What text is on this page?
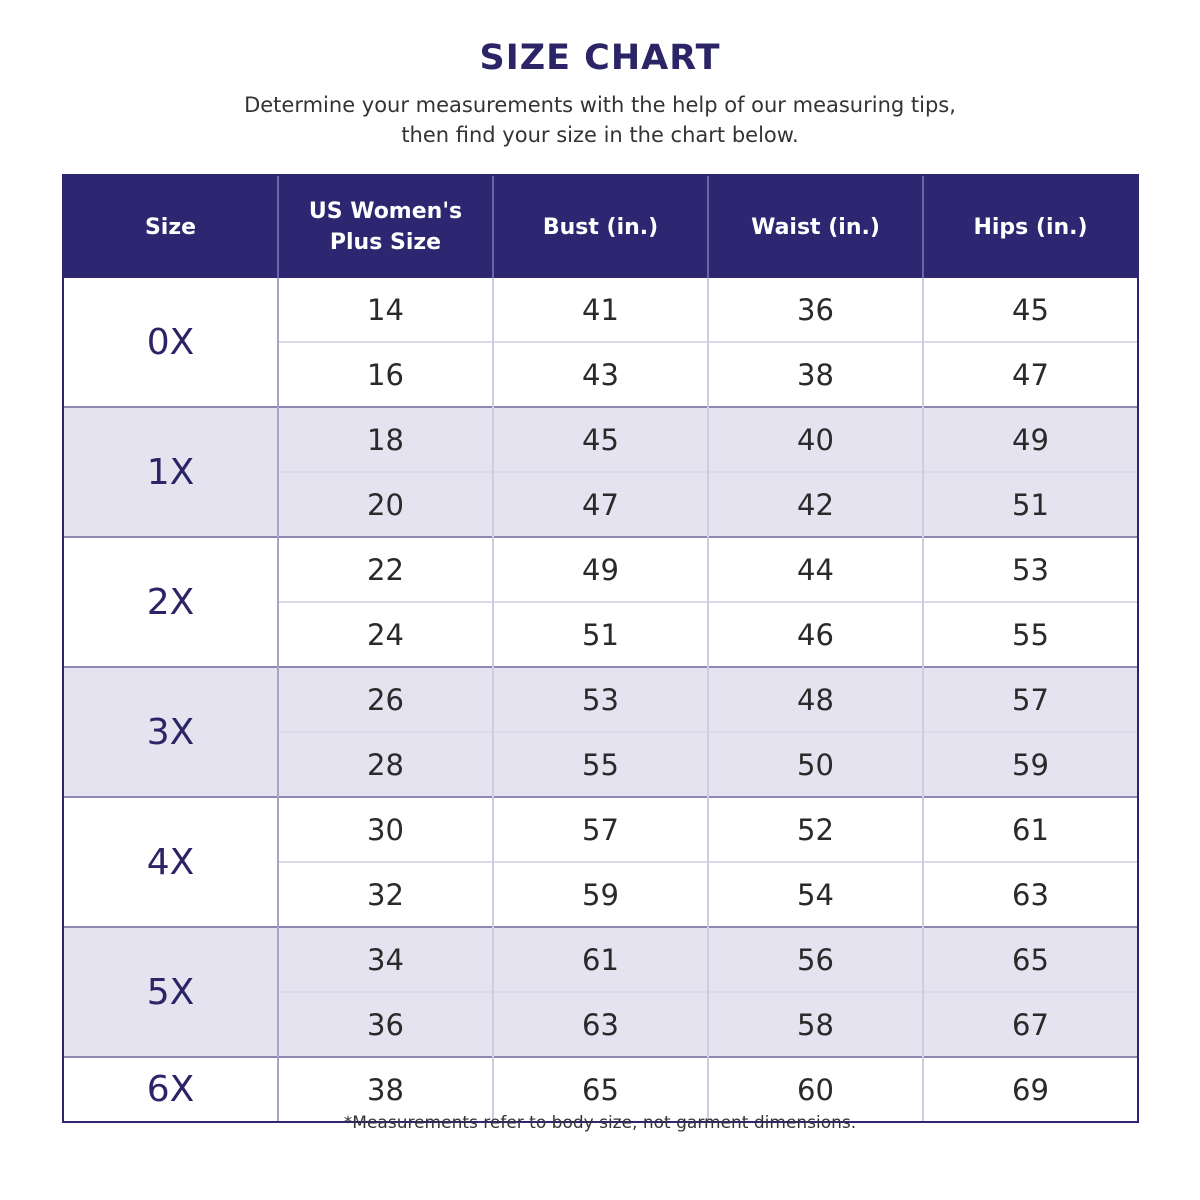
SIZE CHART

Determine your measurements with the help of our measuring tips,
then find your size in the chart below.

Size	US Women's Plus Size	Bust (in.)	Waist (in.)	Hips (in.)
0X	14	41	36	45
	16	43	38	47
1X	18	45	40	49
	20	47	42	51
2X	22	49	44	53
	24	51	46	55
3X	26	53	48	57
	28	55	50	59
4X	30	57	52	61
	32	59	54	63
5X	34	61	56	65
	36	63	58	67
6X	38	65	60	69

*Measurements refer to body size, not garment dimensions.
